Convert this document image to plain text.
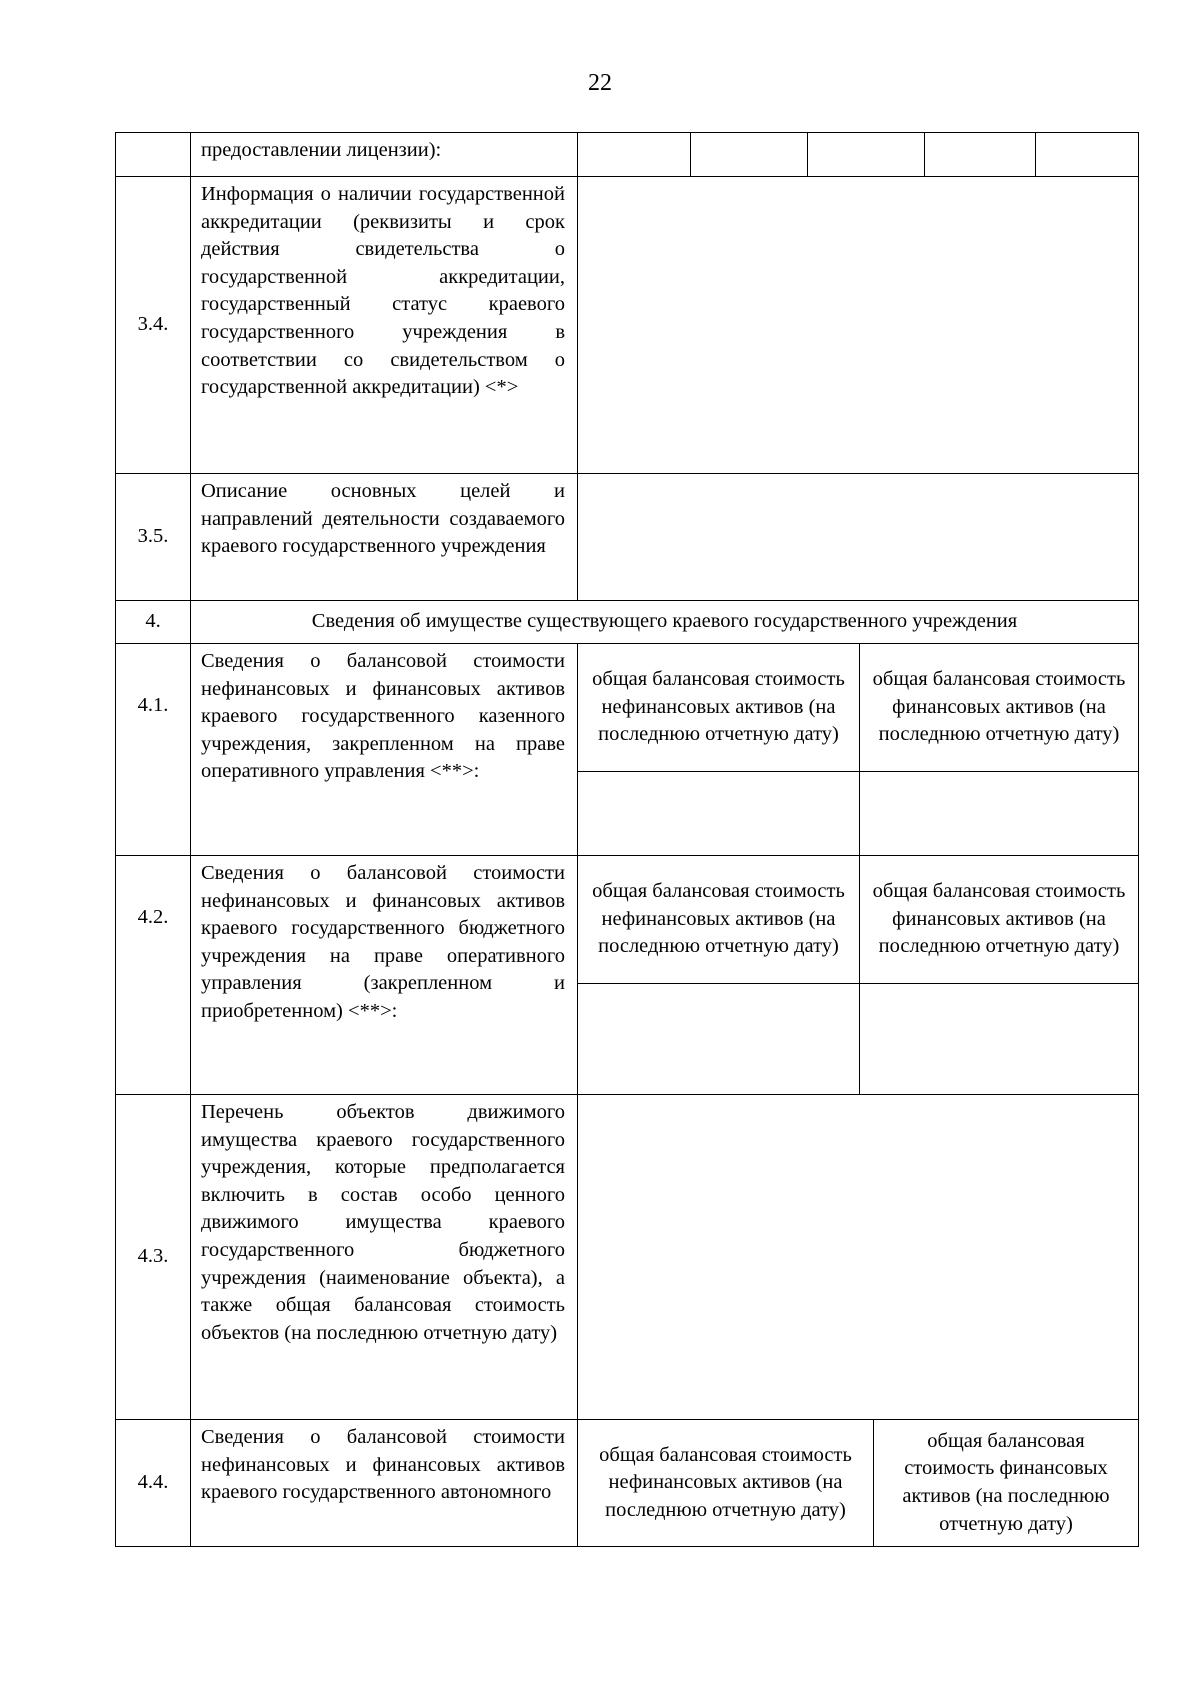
22
предоставлении лицензии):
3.4.
Информация о наличии государственной аккредитации (реквизиты и срок действия свидетельства о государственной аккредитации, государственный статус краевого государственного учреждения в соответствии со свидетельством о государственной аккредитации) <*>
3.5.
Описание основных целей и направлений деятельности создаваемого краевого государственного учреждения
4.	Сведения об имуществе существующего краевого государственного учреждения
4.1.
Сведения о балансовой стоимости нефинансовых и финансовых активов краевого государственного казенного учреждения, закрепленном на праве оперативного управления <**>:
общая балансовая стоимость нефинансовых активов (на последнюю отчетную дату)
общая балансовая стоимость финансовых активов (на последнюю отчетную дату)
4.2.
Сведения о балансовой стоимости нефинансовых и финансовых активов краевого государственного бюджетного учреждения на праве оперативного управления (закрепленном и приобретенном) <**>:
общая балансовая стоимость нефинансовых активов (на последнюю отчетную дату)
общая балансовая стоимость финансовых активов (на последнюю отчетную дату)
4.3.
Перечень объектов движимого имущества краевого государственного учреждения, которые предполагается включить в состав особо ценного движимого имущества краевого государственного бюджетного учреждения (наименование объекта), а также общая балансовая стоимость объектов (на последнюю отчетную дату)
4.4.
Сведения о балансовой стоимости нефинансовых и финансовых активов краевого государственного автономного
общая балансовая стоимость нефинансовых активов (на последнюю отчетную дату)
общая балансовая стоимость финансовых активов (на последнюю отчетную дату)
